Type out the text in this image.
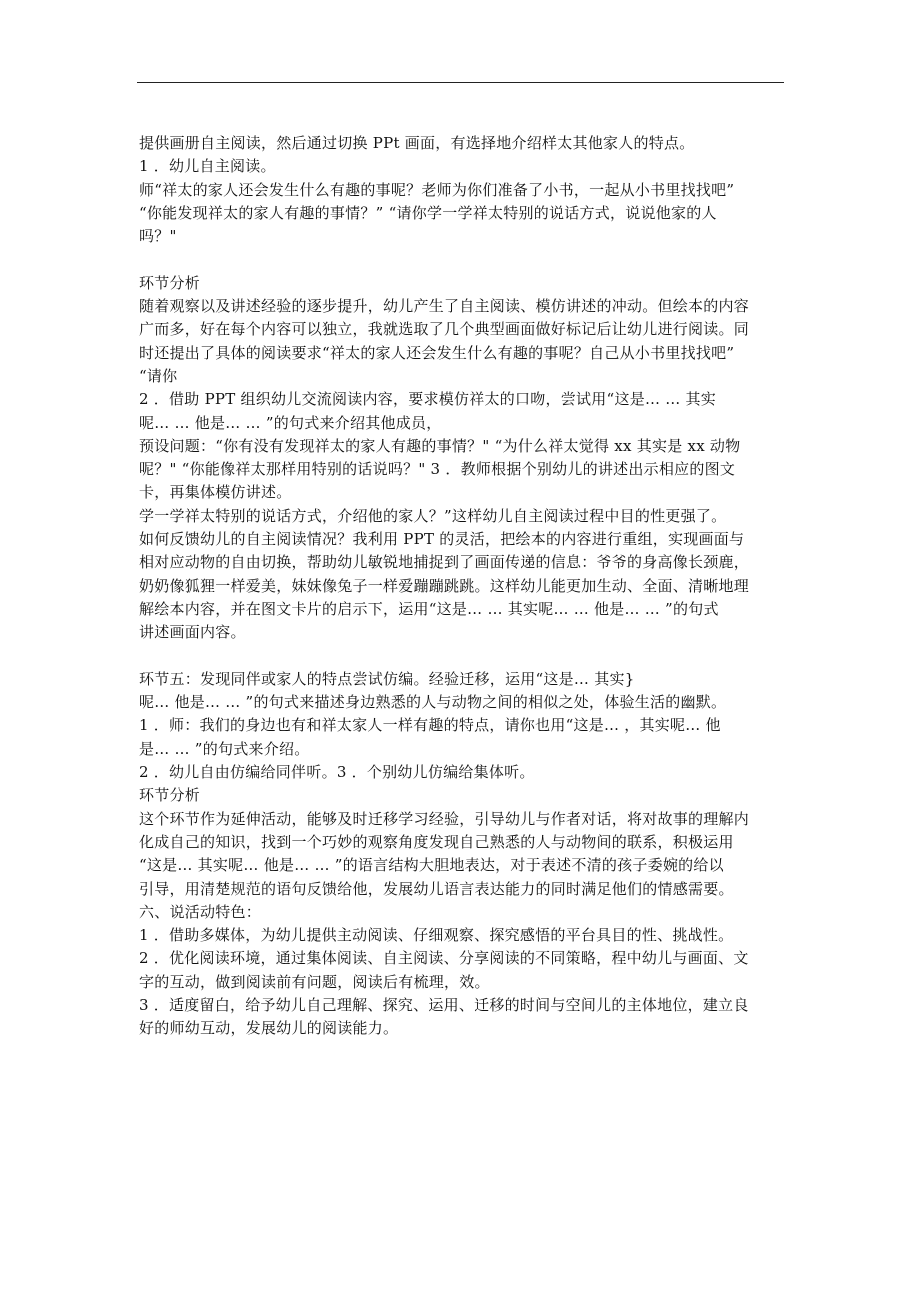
提供画册自主阅读，然后通过切换 PPt 画面，有选择地介绍样太其他家人的特点。
1 ．幼儿自主阅读。
师“祥太的家人还会发生什么有趣的事呢？老师为你们准备了小书，一起从小书里找找吧”
“你能发现祥太的家人有趣的事情？” “请你学一学祥太特别的说话方式，说说他家的人
吗？"
环节分析
随着观察以及讲述经验的逐步提升，幼儿产生了自主阅读、模仿讲述的冲动。但绘本的内容
广而多，好在每个内容可以独立，我就选取了几个典型画面做好标记后让幼儿进行阅读。同
时还提出了具体的阅读要求“祥太的家人还会发生什么有趣的事呢？自己从小书里找找吧”
“请你
2 ．借助 PPT 组织幼儿交流阅读内容，要求模仿祥太的口吻，尝试用“这是… … 其实
呢… … 他是… … ”的句式来介绍其他成员，
预设问题：“你有没有发现祥太的家人有趣的事情？" “为什么祥太觉得 xx 其实是 xx 动物
呢？" “你能像祥太那样用特别的话说吗？" 3 ．教师根据个别幼儿的讲述出示相应的图文
卡，再集体模仿讲述。
学一学祥太特别的说话方式，介绍他的家人？”这样幼儿自主阅读过程中目的性更强了。
如何反馈幼儿的自主阅读情况？我利用 PPT 的灵活，把绘本的内容进行重组，实现画面与
相对应动物的自由切换，帮助幼儿敏锐地捕捉到了画面传递的信息：爷爷的身高像长颈鹿，
奶奶像狐狸一样爱美，妹妹像兔子一样爱蹦蹦跳跳。这样幼儿能更加生动、全面、清晰地理
解绘本内容，并在图文卡片的启示下，运用“这是… … 其实呢… … 他是… … ”的句式
讲述画面内容。
环节五：发现同伴或家人的特点尝试仿编。经验迁移，运用“这是… 其实}
呢… 他是… … ”的句式来描述身边熟悉的人与动物之间的相似之处，体验生活的幽默。
1 ．师：我们的身边也有和祥太家人一样有趣的特点，请你也用“这是… ，其实呢… 他
是… … ”的句式来介绍。
2 ．幼儿自由仿编给同伴听。3 ．个别幼儿仿编给集体听。
环节分析
这个环节作为延伸活动，能够及时迁移学习经验，引导幼儿与作者对话，将对故事的理解内
化成自己的知识，找到一个巧妙的观察角度发现自己熟悉的人与动物间的联系，积极运用
“这是… 其实呢… 他是… … ”的语言结构大胆地表达，对于表述不清的孩子委婉的给以
引导，用清楚规范的语句反馈给他，发展幼儿语言表达能力的同时满足他们的情感需要。
六、说活动特色：
1 ．借助多媒体，为幼儿提供主动阅读、仔细观察、探究感悟的平台具目的性、挑战性。
2 ．优化阅读环境，通过集体阅读、自主阅读、分享阅读的不同策略，程中幼儿与画面、文
字的互动，做到阅读前有问题，阅读后有梳理，效。
3 ．适度留白，给予幼儿自己理解、探究、运用、迁移的时间与空间儿的主体地位，建立良
好的师幼互动，发展幼儿的阅读能力。
